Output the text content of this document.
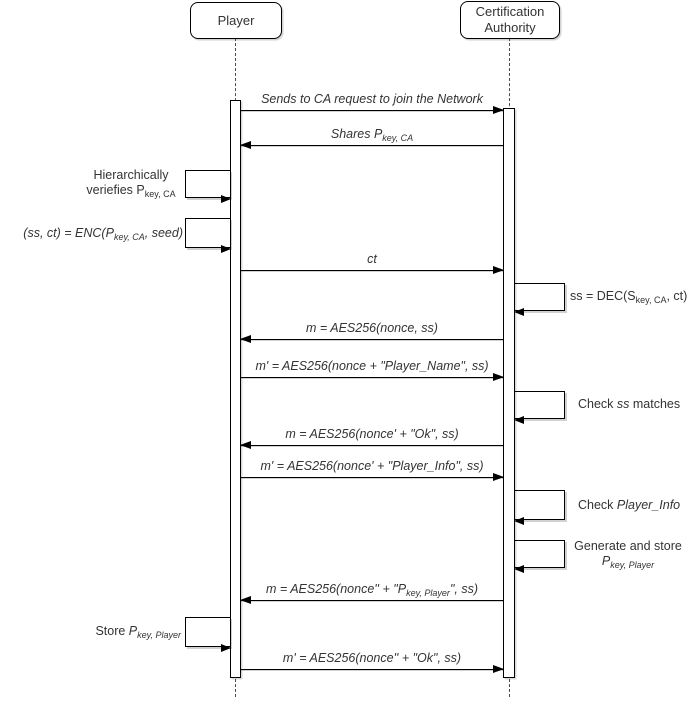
Player
Certification
Authority
Sends to CA request to join the Network
Shares $P_{key, CA}$
ct
m = AES256(nonce, ss)
m' = AES256(nonce + "Player_Name", ss)
m = AES256(nonce' + "Ok", ss)
m' = AES256(nonce' + "Player_Info", ss)
m = AES256(nonce'' + "$P_{key, Player}$", ss)
m' = AES256(nonce'' + "Ok", ss)
Hierarchically
veriefies $P_{key, CA}$
(ss, $ct) = ENC(P_{key, CA}$, seed)
Store $P_{key, Player}$
ss = $DEC(S_{key, CA}$, ct)
Check ss matches
Check Player_Info
Generate and store
$P_{key, Player}$
